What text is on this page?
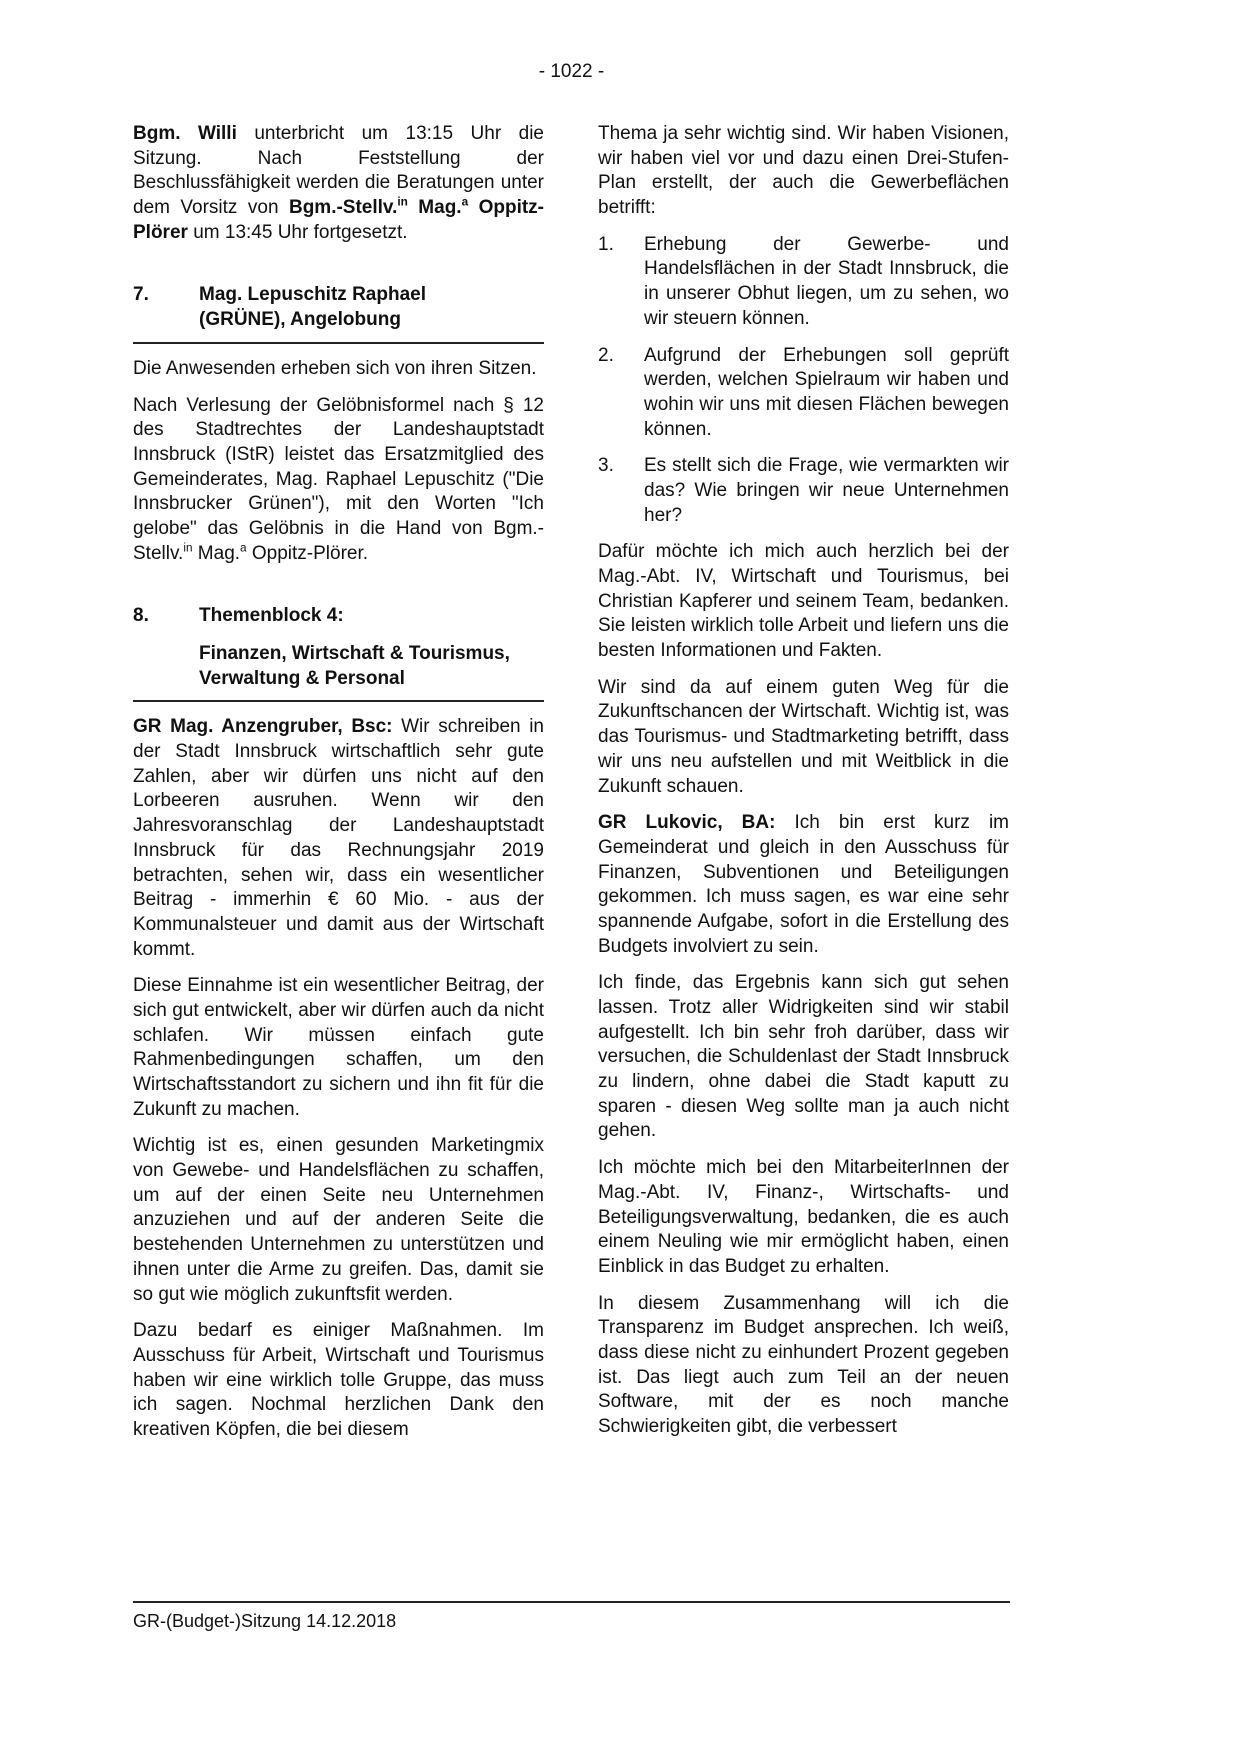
- 1022 -

Bgm. Willi unterbricht um 13:15 Uhr die Sitzung. Nach Feststellung der Beschlussfähigkeit werden die Beratungen unter dem Vorsitz von Bgm.-Stellv.$^{in}$ Mag.$^a$ Oppitz-Plörer um 13:45 Uhr fortgesetzt.

7.	Mag. Lepuschitz Raphael (GRÜNE), Angelobung

Die Anwesenden erheben sich von ihren Sitzen.

Nach Verlesung der Gelöbnisformel nach § 12 des Stadtrechtes der Landeshauptstadt Innsbruck (IStR) leistet das Ersatzmitglied des Gemeinderates, Mag. Raphael Lepuschitz ("Die Innsbrucker Grünen"), mit den Worten "Ich gelobe" das Gelöbnis in die Hand von Bgm.-Stellv.$^{in}$ Mag.$^a$ Oppitz-Plörer.

8.	Themenblock 4:
Finanzen, Wirtschaft & Tourismus, Verwaltung & Personal

GR Mag. Anzengruber, Bsc: Wir schreiben in der Stadt Innsbruck wirtschaftlich sehr gute Zahlen, aber wir dürfen uns nicht auf den Lorbeeren ausruhen. Wenn wir den Jahresvoranschlag der Landeshauptstadt Innsbruck für das Rechnungsjahr 2019 betrachten, sehen wir, dass ein wesentlicher Beitrag - immerhin € 60 Mio. - aus der Kommunalsteuer und damit aus der Wirtschaft kommt.

Diese Einnahme ist ein wesentlicher Beitrag, der sich gut entwickelt, aber wir dürfen auch da nicht schlafen. Wir müssen einfach gute Rahmenbedingungen schaffen, um den Wirtschaftsstandort zu sichern und ihn fit für die Zukunft zu machen.

Wichtig ist es, einen gesunden Marketingmix von Gewebe- und Handelsflächen zu schaffen, um auf der einen Seite neu Unternehmen anzuziehen und auf der anderen Seite die bestehenden Unternehmen zu unterstützen und ihnen unter die Arme zu greifen. Das, damit sie so gut wie möglich zukunftsfit werden.

Dazu bedarf es einiger Maßnahmen. Im Ausschuss für Arbeit, Wirtschaft und Tourismus haben wir eine wirklich tolle Gruppe, das muss ich sagen. Nochmal herzlichen Dank den kreativen Köpfen, die bei diesem

Thema ja sehr wichtig sind. Wir haben Visionen, wir haben viel vor und dazu einen Drei-Stufen-Plan erstellt, der auch die Gewerbeflächen betrifft:

1.	Erhebung der Gewerbe- und Handelsflächen in der Stadt Innsbruck, die in unserer Obhut liegen, um zu sehen, wo wir steuern können.
2.	Aufgrund der Erhebungen soll geprüft werden, welchen Spielraum wir haben und wohin wir uns mit diesen Flächen bewegen können.
3.	Es stellt sich die Frage, wie vermarkten wir das? Wie bringen wir neue Unternehmen her?

Dafür möchte ich mich auch herzlich bei der Mag.-Abt. IV, Wirtschaft und Tourismus, bei Christian Kapferer und seinem Team, bedanken. Sie leisten wirklich tolle Arbeit und liefern uns die besten Informationen und Fakten.

Wir sind da auf einem guten Weg für die Zukunftschancen der Wirtschaft. Wichtig ist, was das Tourismus- und Stadtmarketing betrifft, dass wir uns neu aufstellen und mit Weitblick in die Zukunft schauen.

GR Lukovic, BA: Ich bin erst kurz im Gemeinderat und gleich in den Ausschuss für Finanzen, Subventionen und Beteiligungen gekommen. Ich muss sagen, es war eine sehr spannende Aufgabe, sofort in die Erstellung des Budgets involviert zu sein.

Ich finde, das Ergebnis kann sich gut sehen lassen. Trotz aller Widrigkeiten sind wir stabil aufgestellt. Ich bin sehr froh darüber, dass wir versuchen, die Schuldenlast der Stadt Innsbruck zu lindern, ohne dabei die Stadt kaputt zu sparen - diesen Weg sollte man ja auch nicht gehen.

Ich möchte mich bei den MitarbeiterInnen der Mag.-Abt. IV, Finanz-, Wirtschafts- und Beteiligungsverwaltung, bedanken, die es auch einem Neuling wie mir ermöglicht haben, einen Einblick in das Budget zu erhalten.

In diesem Zusammenhang will ich die Transparenz im Budget ansprechen. Ich weiß, dass diese nicht zu einhundert Prozent gegeben ist. Das liegt auch zum Teil an der neuen Software, mit der es noch manche Schwierigkeiten gibt, die verbessert

GR-(Budget-)Sitzung 14.12.2018
